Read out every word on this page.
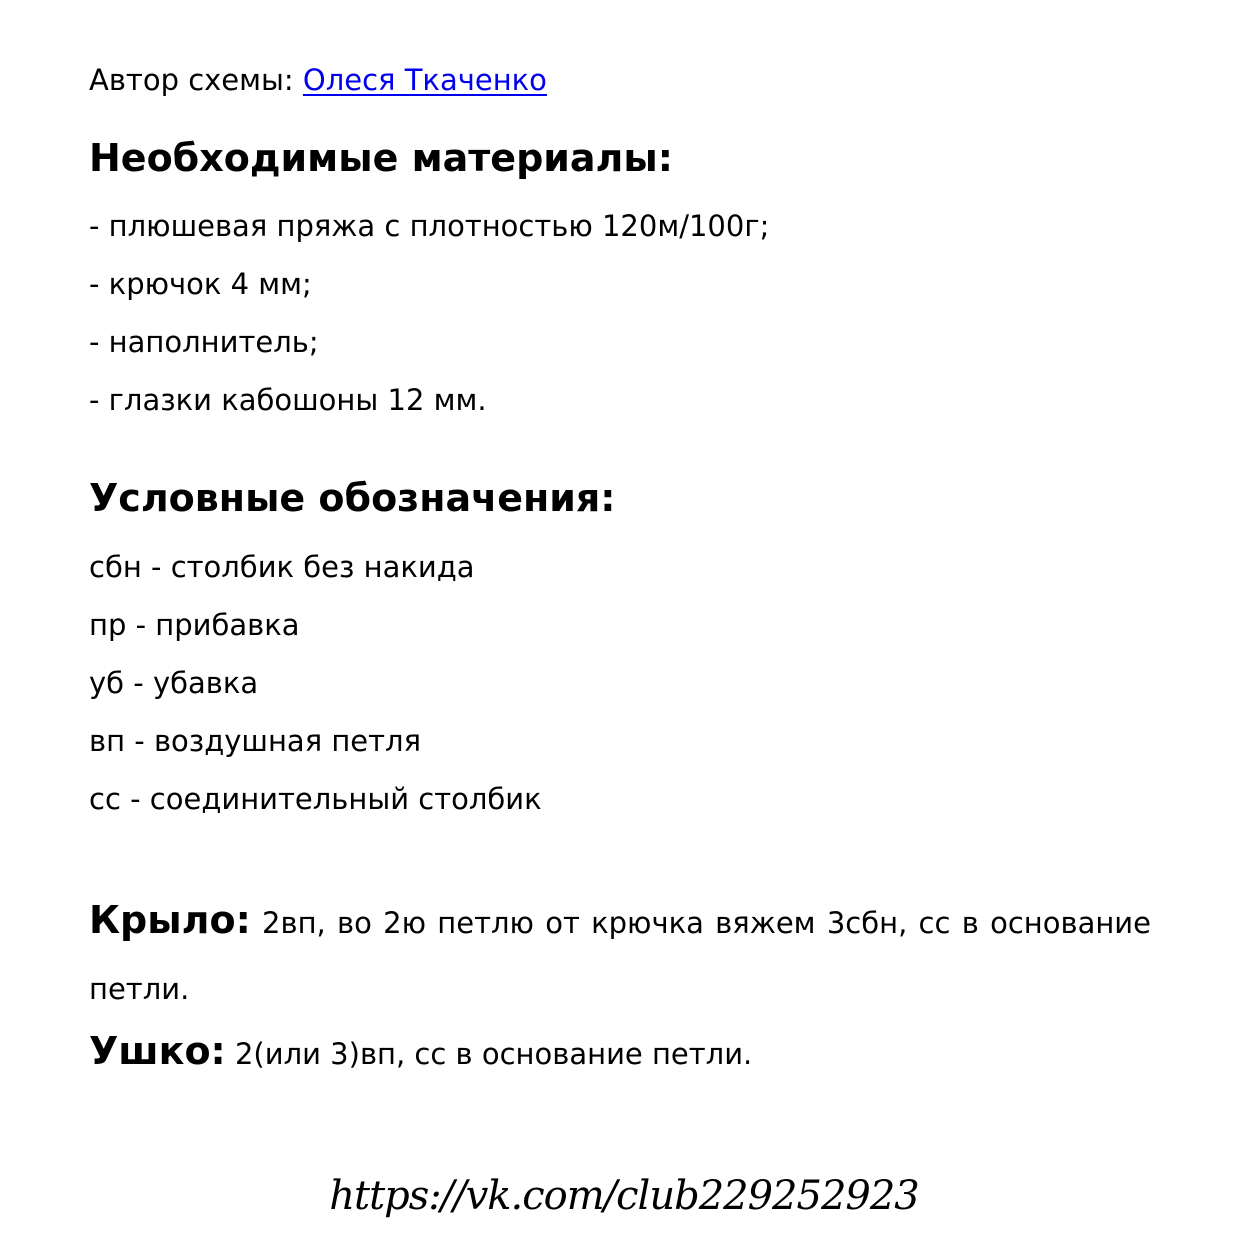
Автор схемы: Олеся Ткаченко
Необходимые материалы:
- плюшевая пряжа с плотностью 120м/100г;
- крючок 4 мм;
- наполнитель;
- глазки кабошоны 12 мм.
Условные обозначения:
сбн - столбик без накида
пр - прибавка
уб - убавка
вп - воздушная петля
сс - соединительный столбик
Крыло: 2вп, во 2ю петлю от крючка вяжем 3сбн, сс в основание петли.
Ушко: 2(или 3)вп, сс в основание петли.
https://vk.com/club229252923
